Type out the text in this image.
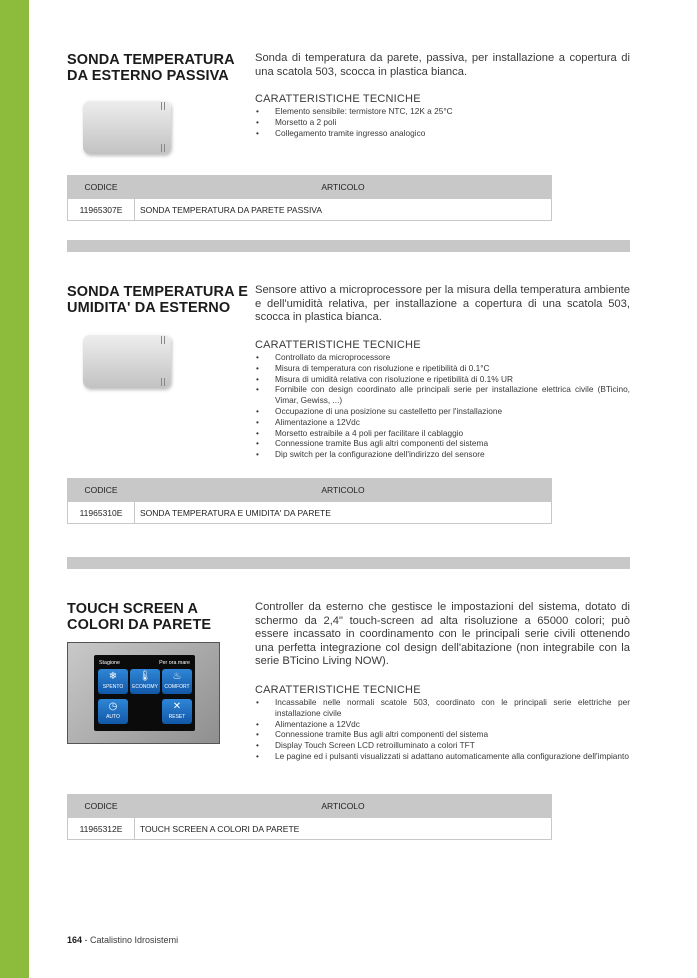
SONDA TEMPERATURA DA ESTERNO PASSIVA
Sonda di temperatura da parete, passiva, per installazione a copertura di una scatola 503, scocca in plastica bianca.
CARATTERISTICHE TECNICHE
• Elemento sensibile: termistore NTC, 12K a 25°C
• Morsetto a 2 poli
• Collegamento tramite ingresso analogico
CODICE	ARTICOLO
11965307E	SONDA TEMPERATURA DA PARETE PASSIVA
SONDA TEMPERATURA E UMIDITA' DA ESTERNO
Sensore attivo a microprocessore per la misura della temperatura ambiente e dell'umidità relativa, per installazione a copertura di una scatola 503, scocca in plastica bianca.
CARATTERISTICHE TECNICHE
• Controllato da microprocessore
• Misura di temperatura con risoluzione e ripetibilità di 0.1°C
• Misura di umidità relativa con risoluzione e ripetibilità di 0.1% UR
• Fornibile con design coordinato alle principali serie per installazione elettrica civile (BTicino, Vimar, Gewiss, ...)
• Occupazione di una posizione su castelletto per l'installazione
• Alimentazione a 12Vdc
• Morsetto estraibile a 4 poli per facilitare il cablaggio
• Connessione tramite Bus agli altri componenti del sistema
• Dip switch per la configurazione dell'indirizzo del sensore
CODICE	ARTICOLO
11965310E	SONDA TEMPERATURA E UMIDITA' DA PARETE
TOUCH SCREEN A COLORI DA PARETE
Controller da esterno che gestisce le impostazioni del sistema, dotato di schermo da 2,4" touch-screen ad alta risoluzione a 65000 colori; può essere incassato in coordinamento con le principali serie civili ottenendo una perfetta integrazione col design dell'abitazione (non integrabile con la serie BTicino Living NOW).
CARATTERISTICHE TECNICHE
• Incassabile nelle normali scatole 503, coordinato con le principali serie elettriche per installazione civile
• Alimentazione a 12Vdc
• Connessione tramite Bus agli altri componenti del sistema
• Display Touch Screen LCD retroilluminato a colori TFT
• Le pagine ed i pulsanti visualizzati si adattano automaticamente alla configurazione dell'impianto
Stagione	Per ora mare
❄
SPENTO
🌡
ECONOMY
♨
COMFORT
◷
AUTO
✕
RESET
CODICE	ARTICOLO
11965312E	TOUCH SCREEN A COLORI DA PARETE
164 - Catalistino Idrosistemi
